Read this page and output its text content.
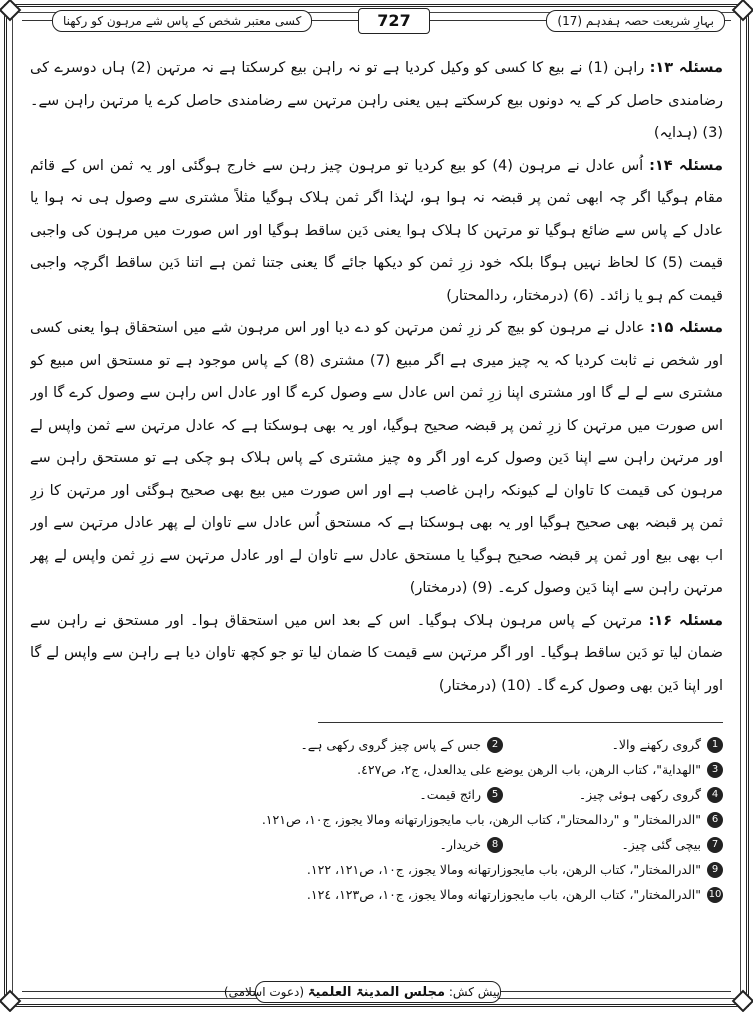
کسی معتبر شخص کے پاس شے مرہون کو رکھنا	727	بہارِ شریعت حصہ ہفدہم (17)

مسئلہ ۱۳: راہن (1) نے بیع کا کسی کو وکیل کردیا ہے تو نہ راہن بیع کرسکتا ہے نہ مرتہن (2) ہاں دوسرے کی رضامندی حاصل کر کے یہ دونوں بیع کرسکتے ہیں یعنی راہن مرتہن سے رضامندی حاصل کرے یا مرتہن راہن سے۔ (3) (ہدایہ)

مسئلہ ۱۴: اُس عادل نے مرہون (4) کو بیع کردیا تو مرہون چیز رہن سے خارج ہوگئی اور یہ ثمن اس کے قائم مقام ہوگیا اگر چہ ابھی ثمن پر قبضہ نہ ہوا ہو، لہٰذا اگر ثمن ہلاک ہوگیا مثلاً مشتری سے وصول ہی نہ ہوا یا عادل کے پاس سے ضائع ہوگیا تو مرتہن کا ہلاک ہوا یعنی دَین ساقط ہوگیا اور اس صورت میں مرہون کی واجبی قیمت (5) کا لحاظ نہیں ہوگا بلکہ خود زرِ ثمن کو دیکھا جائے گا یعنی جتنا ثمن ہے اتنا دَین ساقط اگرچہ واجبی قیمت کم ہو یا زائد۔ (6) (درمختار، ردالمحتار)

مسئلہ ۱۵: عادل نے مرہون کو بیچ کر زرِ ثمن مرتہن کو دے دیا اور اس مرہون شے میں استحقاق ہوا یعنی کسی اور شخص نے ثابت کردیا کہ یہ چیز میری ہے اگر مبیع (7) مشتری (8) کے پاس موجود ہے تو مستحق اس مبیع کو مشتری سے لے لے گا اور مشتری اپنا زرِ ثمن اس عادل سے وصول کرے گا اور عادل اس راہن سے وصول کرے گا اور اس صورت میں مرتہن کا زرِ ثمن پر قبضہ صحیح ہوگیا، اور یہ بھی ہوسکتا ہے کہ عادل مرتہن سے ثمن واپس لے اور مرتہن راہن سے اپنا دَین وصول کرے اور اگر وہ چیز مشتری کے پاس ہلاک ہو چکی ہے تو مستحق راہن سے مرہون کی قیمت کا تاوان لے کیونکہ راہن غاصب ہے اور اس صورت میں بیع بھی صحیح ہوگئی اور مرتہن کا زرِ ثمن پر قبضہ بھی صحیح ہوگیا اور یہ بھی ہوسکتا ہے کہ مستحق اُس عادل سے تاوان لے پھر عادل مرتہن سے اور اب بھی بیع اور ثمن پر قبضہ صحیح ہوگیا یا مستحق عادل سے تاوان لے اور عادل مرتہن سے زرِ ثمن واپس لے پھر مرتہن راہن سے اپنا دَین وصول کرے۔ (9) (درمختار)

مسئلہ ۱۶: مرتہن کے پاس مرہون ہلاک ہوگیا۔ اس کے بعد اس میں استحقاق ہوا۔ اور مستحق نے راہن سے ضمان لیا تو دَین ساقط ہوگیا۔ اور اگر مرتہن سے قیمت کا ضمان لیا تو جو کچھ تاوان دیا ہے راہن سے واپس لے گا اور اپنا دَین بھی وصول کرے گا۔ (10) (درمختار)

1
گروی رکھنے والا۔
2
جس کے پاس چیز گروی رکھی ہے۔
3
"الهداية"، كتاب الرهن، باب الرهن يوضع على يدالعدل، ج٢، ص٤٢٧.
4
گروی رکھی ہوئی چیز۔
5
رائج قیمت۔
6
"الدرالمختار" و "ردالمحتار"، كتاب الرهن، باب مايجوزارتهانه ومالا يجوز، ج١٠، ص١٢١.
7
بیچی گئی چیز۔
8
خریدار۔
9
"الدرالمختار"، كتاب الرهن، باب مايجوزارتهانه ومالا يجوز، ج١٠، ص١٢١، ١٢٢.
10
"الدرالمختار"، كتاب الرهن، باب مايجوزارتهانه ومالا يجوز، ج١٠، ص١٢٣، ١٢٤.
پیش کش: مجلس المدینۃ العلمیۃ (دعوت اسلامی)
